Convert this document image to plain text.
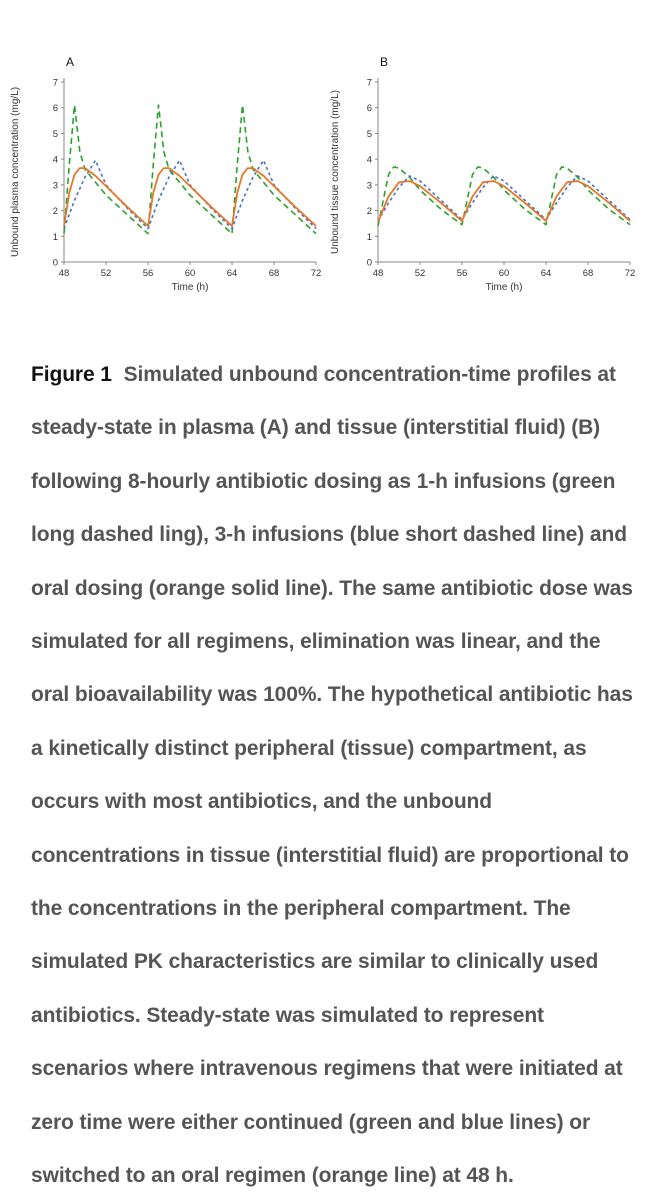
A
0
1
2
3
4
5
6
7
48	52	56	60	64	68	72
Time (h)
Unbound plasma concentration (mg/L)
B
0
1
2
3
4
5
6
7
48	52	56	60	64	68	72
Time (h)
Unbound tissue concentration (mg/L)
Figure 1 Simulated unbound concentration-time profiles at steady-state in plasma (A) and tissue (interstitial fluid) (B) following 8-hourly antibiotic dosing as 1-h infusions (green long dashed ling), 3-h infusions (blue short dashed line) and oral dosing (orange solid line). The same antibiotic dose was simulated for all regimens, elimination was linear, and the oral bioavailability was 100%. The hypothetical antibiotic has a kinetically distinct peripheral (tissue) compartment, as occurs with most antibiotics, and the unbound concentrations in tissue (interstitial fluid) are proportional to the concentrations in the peripheral compartment. The simulated PK characteristics are similar to clinically used antibiotics. Steady-state was simulated to represent scenarios where intravenous regimens that were initiated at zero time were either continued (green and blue lines) or switched to an oral regimen (orange line) at 48 h.
